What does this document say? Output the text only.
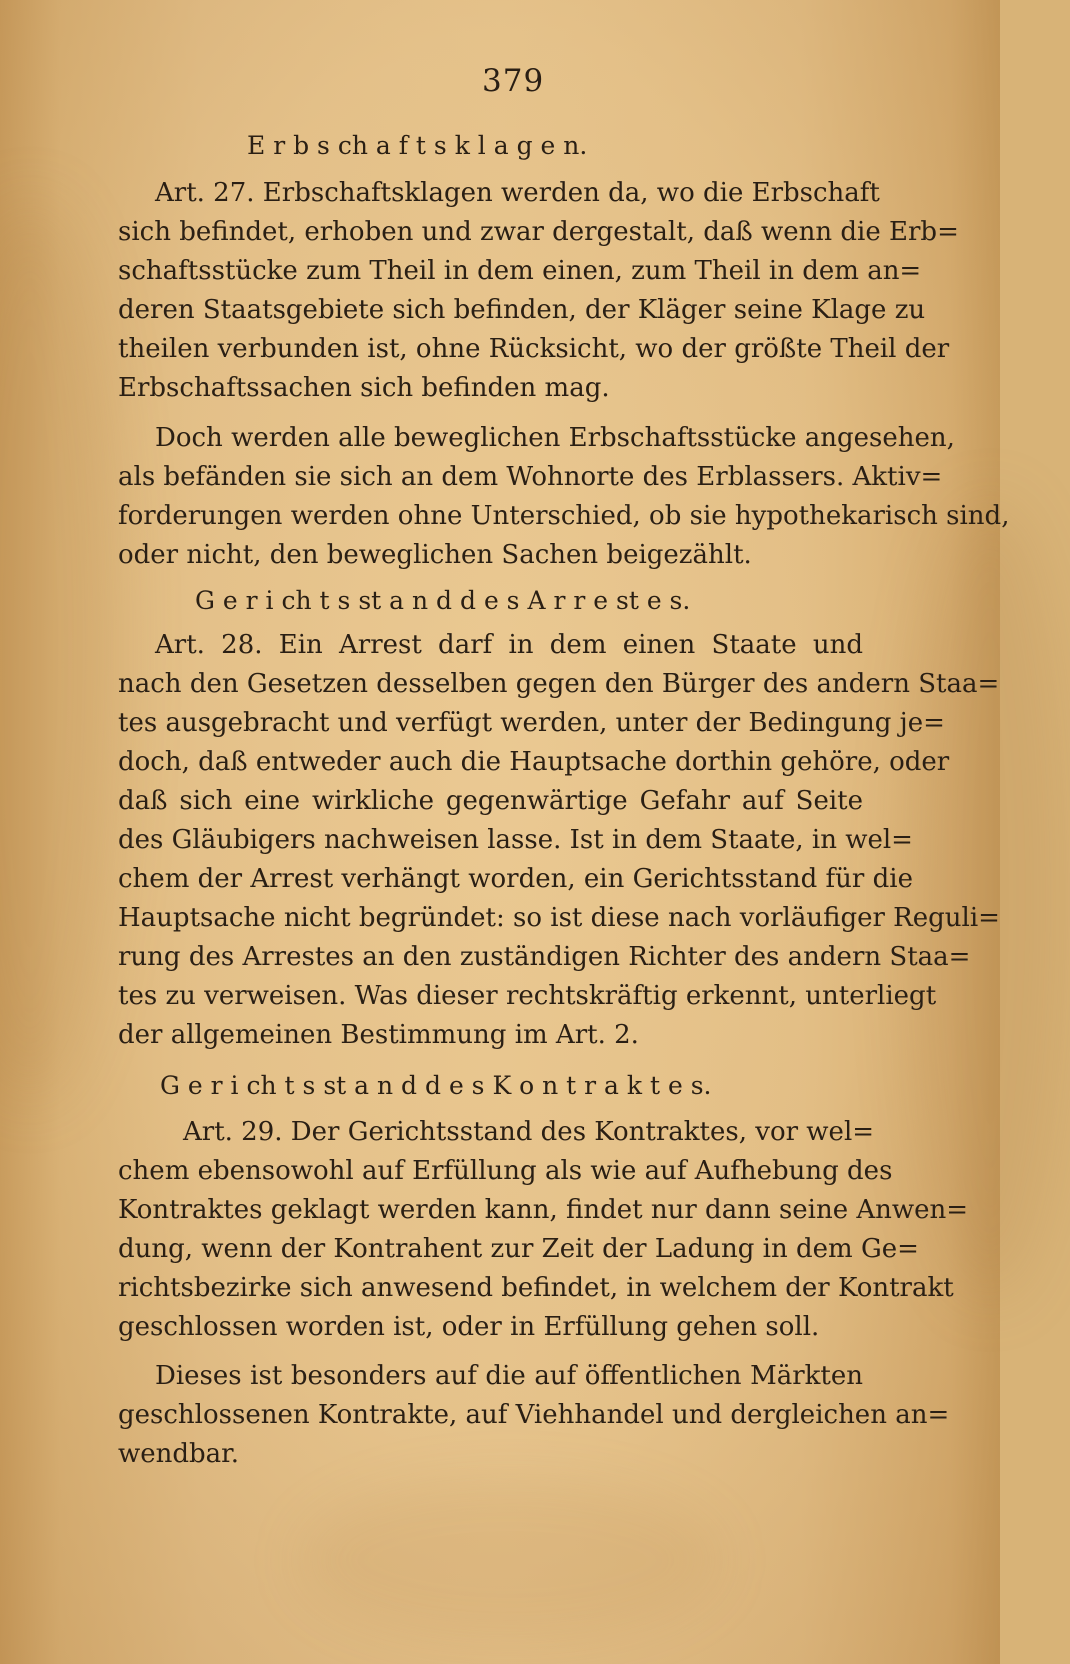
379
E r b s ch a f t s k l a g e n.
Art. 27. Erbschaftsklagen werden da, wo die Erbschaft
sich befindet, erhoben und zwar dergestalt, daß wenn die Erb=
schaftsstücke zum Theil in dem einen, zum Theil in dem an=
deren Staatsgebiete sich befinden, der Kläger seine Klage zu
theilen verbunden ist, ohne Rücksicht, wo der größte Theil der
Erbschaftssachen sich befinden mag.
Doch werden alle beweglichen Erbschaftsstücke angesehen,
als befänden sie sich an dem Wohnorte des Erblassers. Aktiv=
forderungen werden ohne Unterschied, ob sie hypothekarisch sind,
oder nicht, den beweglichen Sachen beigezählt.
G e r i ch t s st a n d d e s A r r e st e s.
Art. 28. Ein Arrest darf in dem einen Staate und
nach den Gesetzen desselben gegen den Bürger des andern Staa=
tes ausgebracht und verfügt werden, unter der Bedingung je=
doch, daß entweder auch die Hauptsache dorthin gehöre, oder
daß sich eine wirkliche gegenwärtige Gefahr auf Seite
des Gläubigers nachweisen lasse. Ist in dem Staate, in wel=
chem der Arrest verhängt worden, ein Gerichtsstand für die
Hauptsache nicht begründet: so ist diese nach vorläufiger Reguli=
rung des Arrestes an den zuständigen Richter des andern Staa=
tes zu verweisen. Was dieser rechtskräftig erkennt, unterliegt
der allgemeinen Bestimmung im Art. 2.
G e r i ch t s st a n d d e s K o n t r a k t e s.
Art. 29. Der Gerichtsstand des Kontraktes, vor wel=
chem ebensowohl auf Erfüllung als wie auf Aufhebung des
Kontraktes geklagt werden kann, findet nur dann seine Anwen=
dung, wenn der Kontrahent zur Zeit der Ladung in dem Ge=
richtsbezirke sich anwesend befindet, in welchem der Kontrakt
geschlossen worden ist, oder in Erfüllung gehen soll.
Dieses ist besonders auf die auf öffentlichen Märkten
geschlossenen Kontrakte, auf Viehhandel und dergleichen an=
wendbar.
